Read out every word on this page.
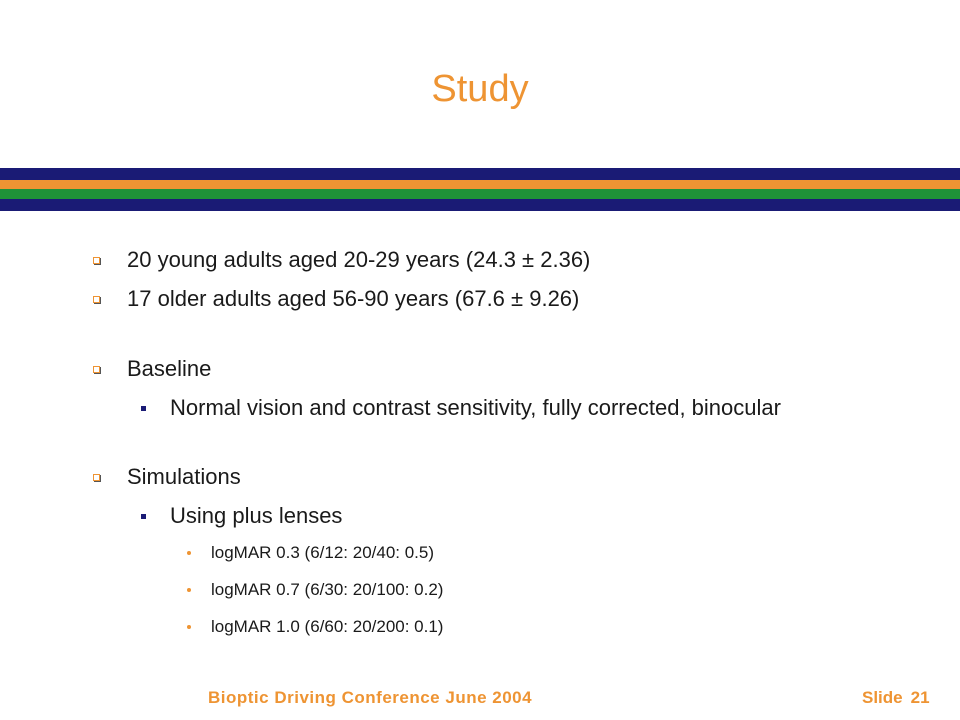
Study
20 young adults aged 20-29 years (24.3 ± 2.36)
17 older adults aged 56-90 years (67.6 ± 9.26)
Baseline
Normal vision and contrast sensitivity, fully corrected, binocular
Simulations
Using plus lenses
logMAR 0.3 (6/12: 20/40: 0.5)
logMAR 0.7 (6/30: 20/100: 0.2)
logMAR 1.0 (6/60: 20/200: 0.1)
Bioptic Driving Conference June 2004	Slide 21
